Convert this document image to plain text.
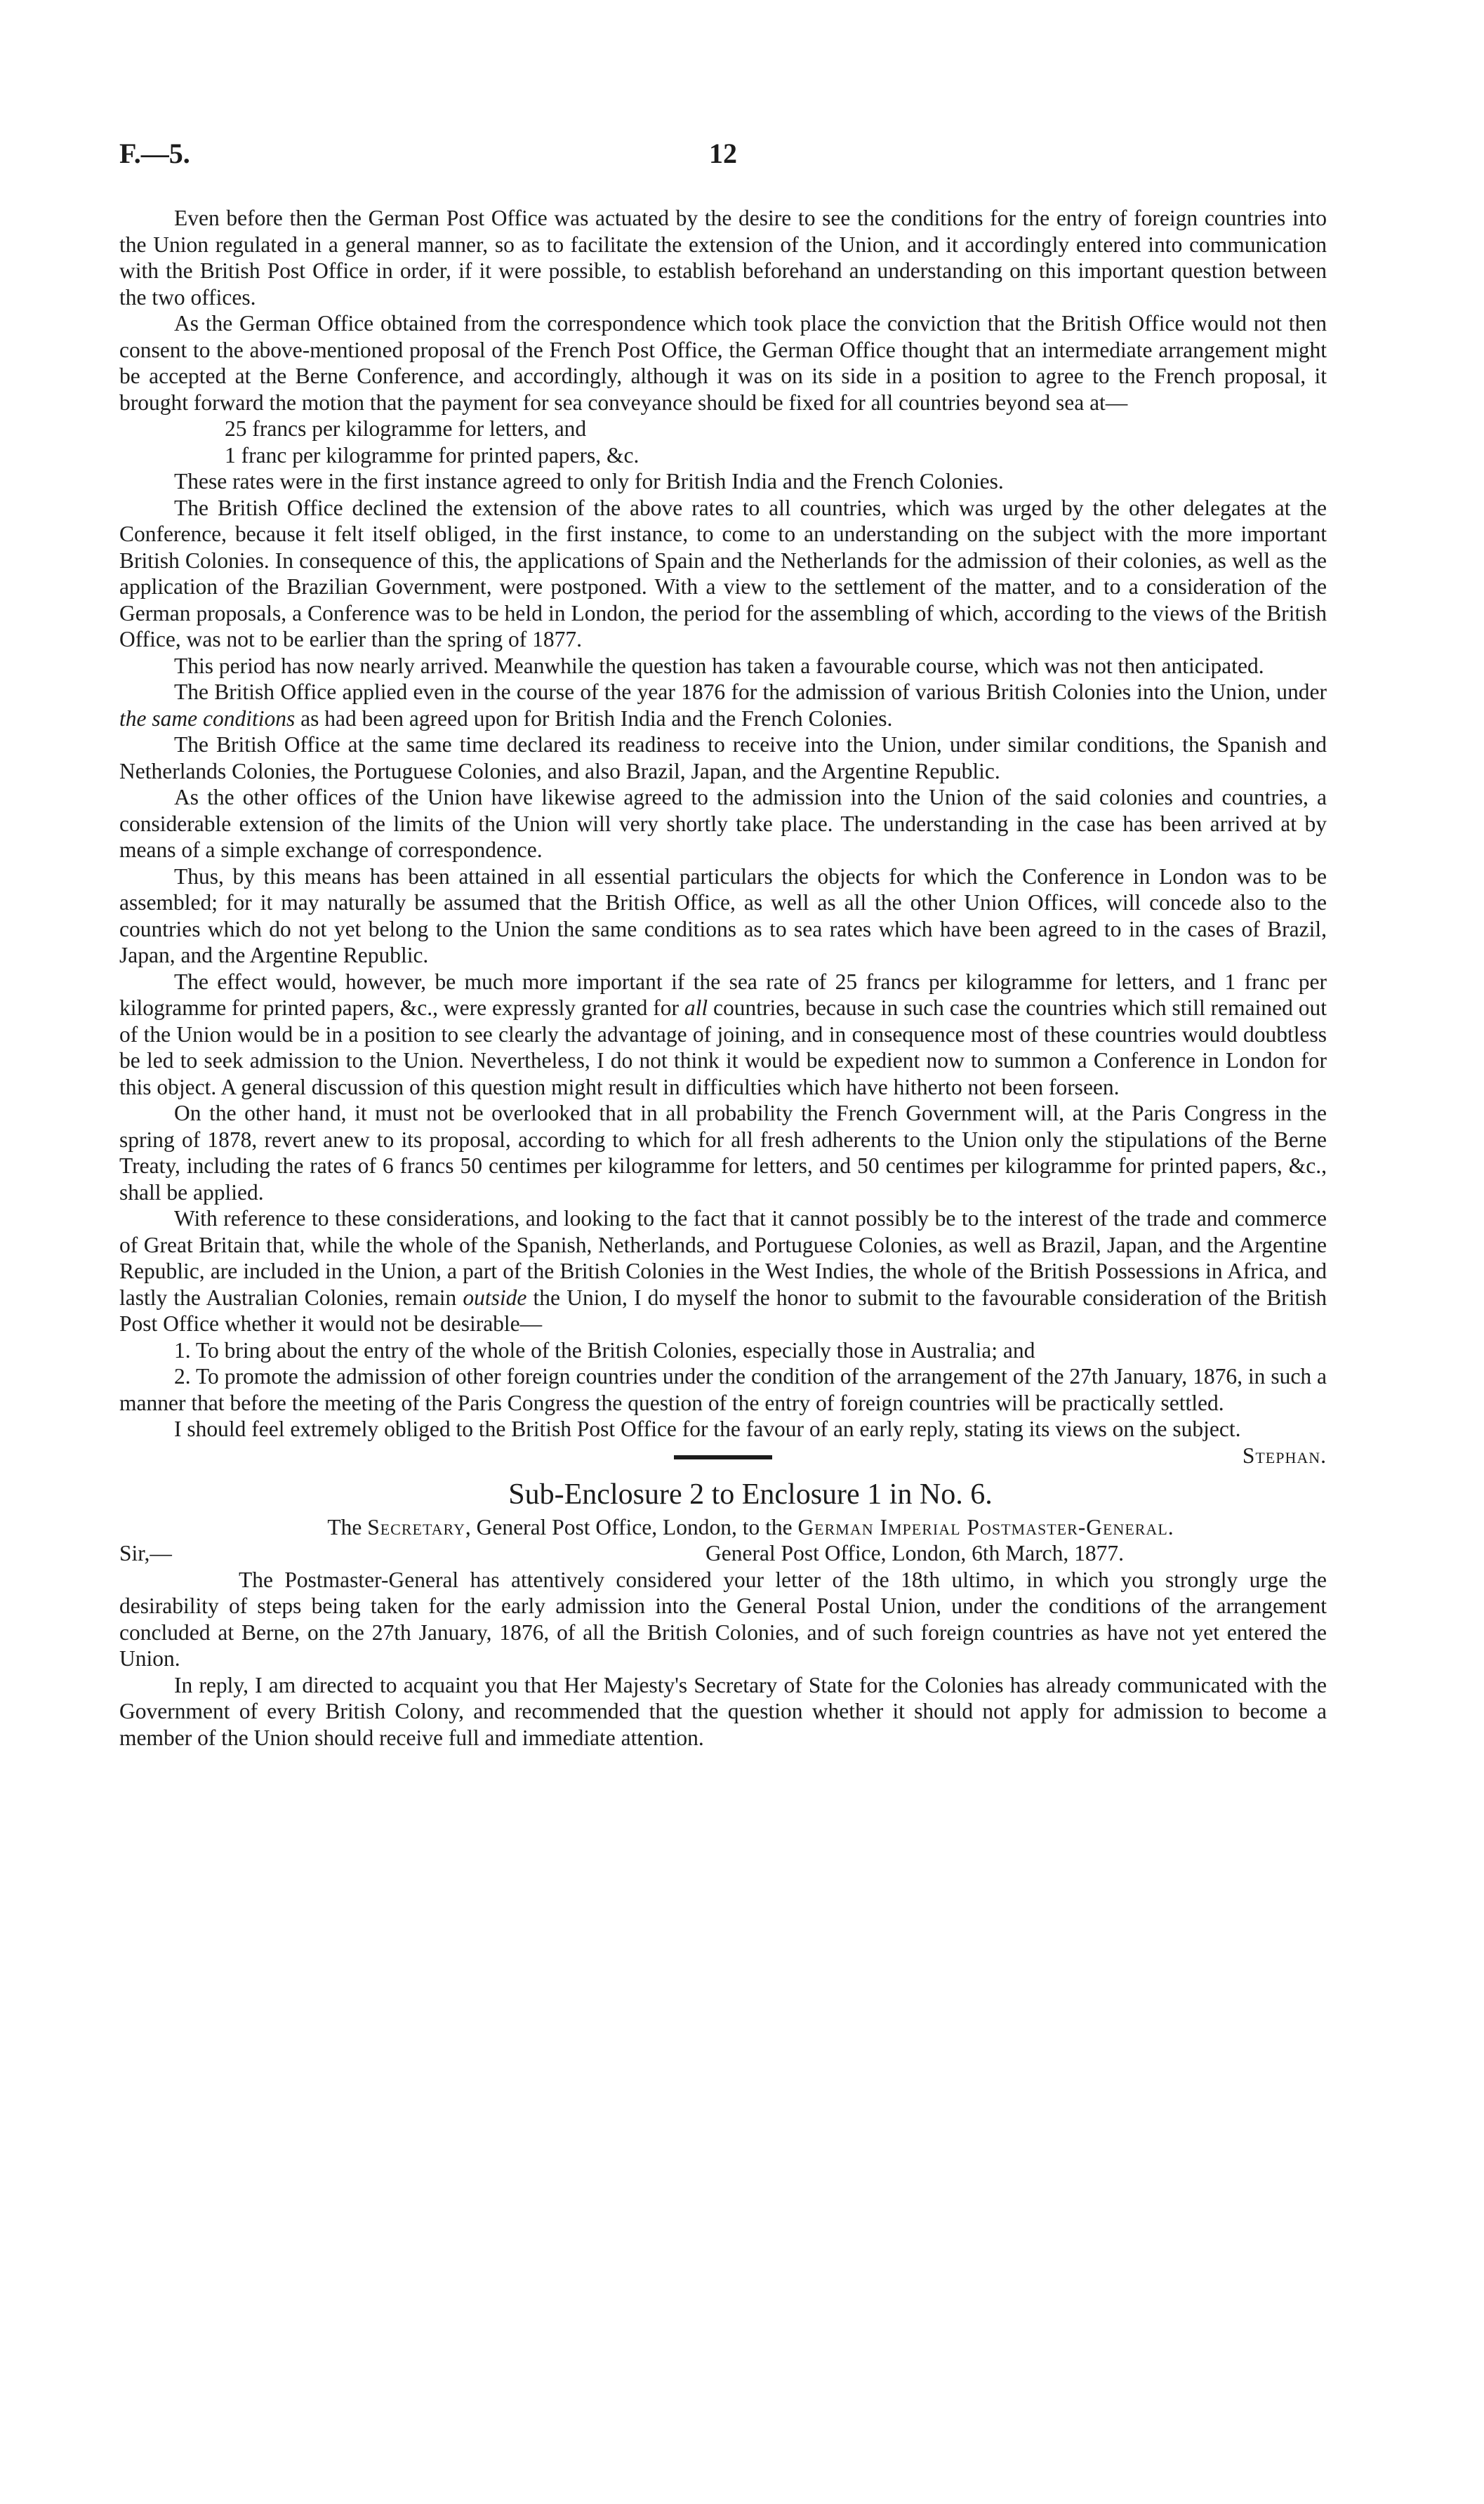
F.—5.	12

Even before then the German Post Office was actuated by the desire to see the conditions for the entry of foreign countries into the Union regulated in a general manner, so as to facilitate the extension of the Union, and it accordingly entered into communication with the British Post Office in order, if it were possible, to establish beforehand an understanding on this important question between the two offices.

As the German Office obtained from the correspondence which took place the conviction that the British Office would not then consent to the above-mentioned proposal of the French Post Office, the German Office thought that an intermediate arrangement might be accepted at the Berne Conference, and accordingly, although it was on its side in a position to agree to the French proposal, it brought forward the motion that the payment for sea conveyance should be fixed for all countries beyond sea at—

25 francs per kilogramme for letters, and

1 franc per kilogramme for printed papers, &c.

These rates were in the first instance agreed to only for British India and the French Colonies.

The British Office declined the extension of the above rates to all countries, which was urged by the other delegates at the Conference, because it felt itself obliged, in the first instance, to come to an understanding on the subject with the more important British Colonies. In consequence of this, the applications of Spain and the Netherlands for the admission of their colonies, as well as the application of the Brazilian Government, were postponed. With a view to the settlement of the matter, and to a consideration of the German proposals, a Conference was to be held in London, the period for the assembling of which, according to the views of the British Office, was not to be earlier than the spring of 1877.

This period has now nearly arrived. Meanwhile the question has taken a favourable course, which was not then anticipated.

The British Office applied even in the course of the year 1876 for the admission of various British Colonies into the Union, under the same conditions as had been agreed upon for British India and the French Colonies.

The British Office at the same time declared its readiness to receive into the Union, under similar conditions, the Spanish and Netherlands Colonies, the Portuguese Colonies, and also Brazil, Japan, and the Argentine Republic.

As the other offices of the Union have likewise agreed to the admission into the Union of the said colonies and countries, a considerable extension of the limits of the Union will very shortly take place. The understanding in the case has been arrived at by means of a simple exchange of correspondence.

Thus, by this means has been attained in all essential particulars the objects for which the Conference in London was to be assembled; for it may naturally be assumed that the British Office, as well as all the other Union Offices, will concede also to the countries which do not yet belong to the Union the same conditions as to sea rates which have been agreed to in the cases of Brazil, Japan, and the Argentine Republic.

The effect would, however, be much more important if the sea rate of 25 francs per kilogramme for letters, and 1 franc per kilogramme for printed papers, &c., were expressly granted for all countries, because in such case the countries which still remained out of the Union would be in a position to see clearly the advantage of joining, and in consequence most of these countries would doubtless be led to seek admission to the Union. Nevertheless, I do not think it would be expedient now to summon a Conference in London for this object. A general discussion of this question might result in difficulties which have hitherto not been forseen.

On the other hand, it must not be overlooked that in all probability the French Government will, at the Paris Congress in the spring of 1878, revert anew to its proposal, according to which for all fresh adherents to the Union only the stipulations of the Berne Treaty, including the rates of 6 francs 50 centimes per kilogramme for letters, and 50 centimes per kilogramme for printed papers, &c., shall be applied.

With reference to these considerations, and looking to the fact that it cannot possibly be to the interest of the trade and commerce of Great Britain that, while the whole of the Spanish, Netherlands, and Portuguese Colonies, as well as Brazil, Japan, and the Argentine Republic, are included in the Union, a part of the British Colonies in the West Indies, the whole of the British Possessions in Africa, and lastly the Australian Colonies, remain outside the Union, I do myself the honor to submit to the favourable consideration of the British Post Office whether it would not be desirable—

1. To bring about the entry of the whole of the British Colonies, especially those in Australia; and

2. To promote the admission of other foreign countries under the condition of the arrangement of the 27th January, 1876, in such a manner that before the meeting of the Paris Congress the question of the entry of foreign countries will be practically settled.

I should feel extremely obliged to the British Post Office for the favour of an early reply, stating its views on the subject.
Stephan.

Sub-Enclosure 2 to Enclosure 1 in No. 6.

The Secretary, General Post Office, London, to the German Imperial Postmaster-General.

Sir,—	General Post Office, London, 6th March, 1877.

The Postmaster-General has attentively considered your letter of the 18th ultimo, in which you strongly urge the desirability of steps being taken for the early admission into the General Postal Union, under the conditions of the arrangement concluded at Berne, on the 27th January, 1876, of all the British Colonies, and of such foreign countries as have not yet entered the Union.

In reply, I am directed to acquaint you that Her Majesty's Secretary of State for the Colonies has already communicated with the Government of every British Colony, and recommended that the question whether it should not apply for admission to become a member of the Union should receive full and immediate attention.
